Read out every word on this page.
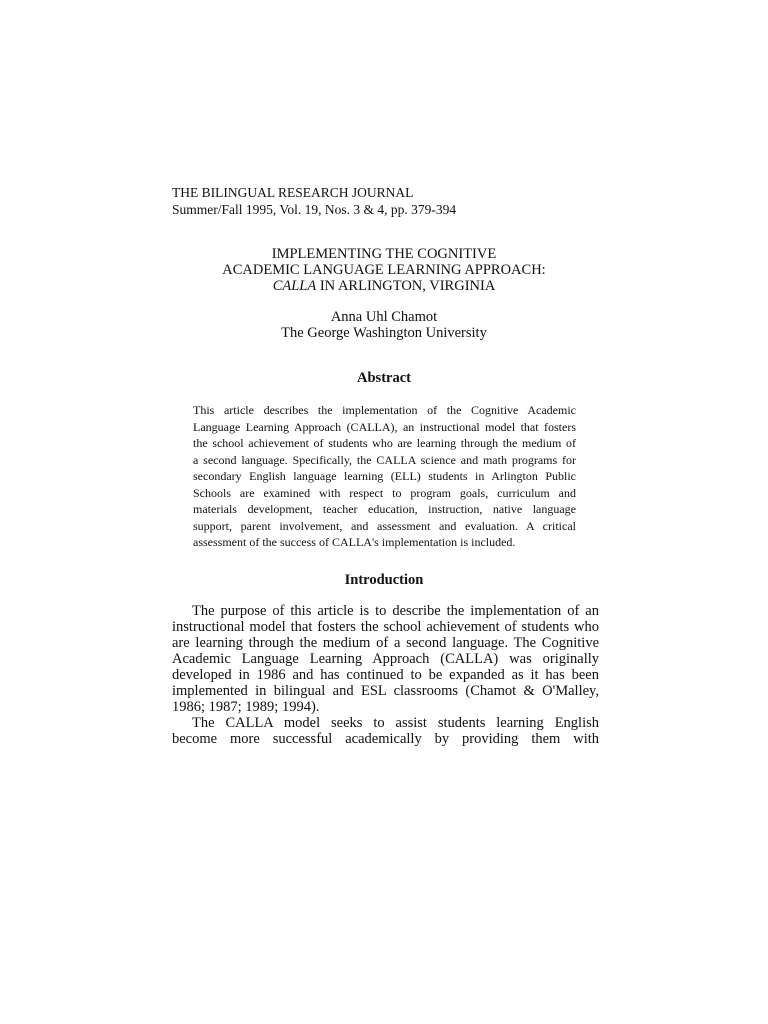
THE BILINGUAL RESEARCH JOURNAL
Summer/Fall 1995, Vol. 19, Nos. 3 & 4, pp. 379-394
IMPLEMENTING THE COGNITIVE
ACADEMIC LANGUAGE LEARNING APPROACH:
CALLA IN ARLINGTON, VIRGINIA
Anna Uhl Chamot
The George Washington University
Abstract
This article describes the implementation of the Cognitive Academic
Language Learning Approach (CALLA), an instructional model that fosters
the school achievement of students who are learning through the medium of
a second language. Specifically, the CALLA science and math programs for
secondary English language learning (ELL) students in Arlington Public
Schools are examined with respect to program goals, curriculum and
materials development, teacher education, instruction, native language
support, parent involvement, and assessment and evaluation. A critical
assessment of the success of CALLA's implementation is included.
Introduction
The purpose of this article is to describe the implementation of an
instructional model that fosters the school achievement of students who
are learning through the medium of a second language. The Cognitive
Academic Language Learning Approach (CALLA) was originally
developed in 1986 and has continued to be expanded as it has been
implemented in bilingual and ESL classrooms (Chamot & O'Malley,
1986; 1987; 1989; 1994).
The CALLA model seeks to assist students learning English
become more successful academically by providing them with
